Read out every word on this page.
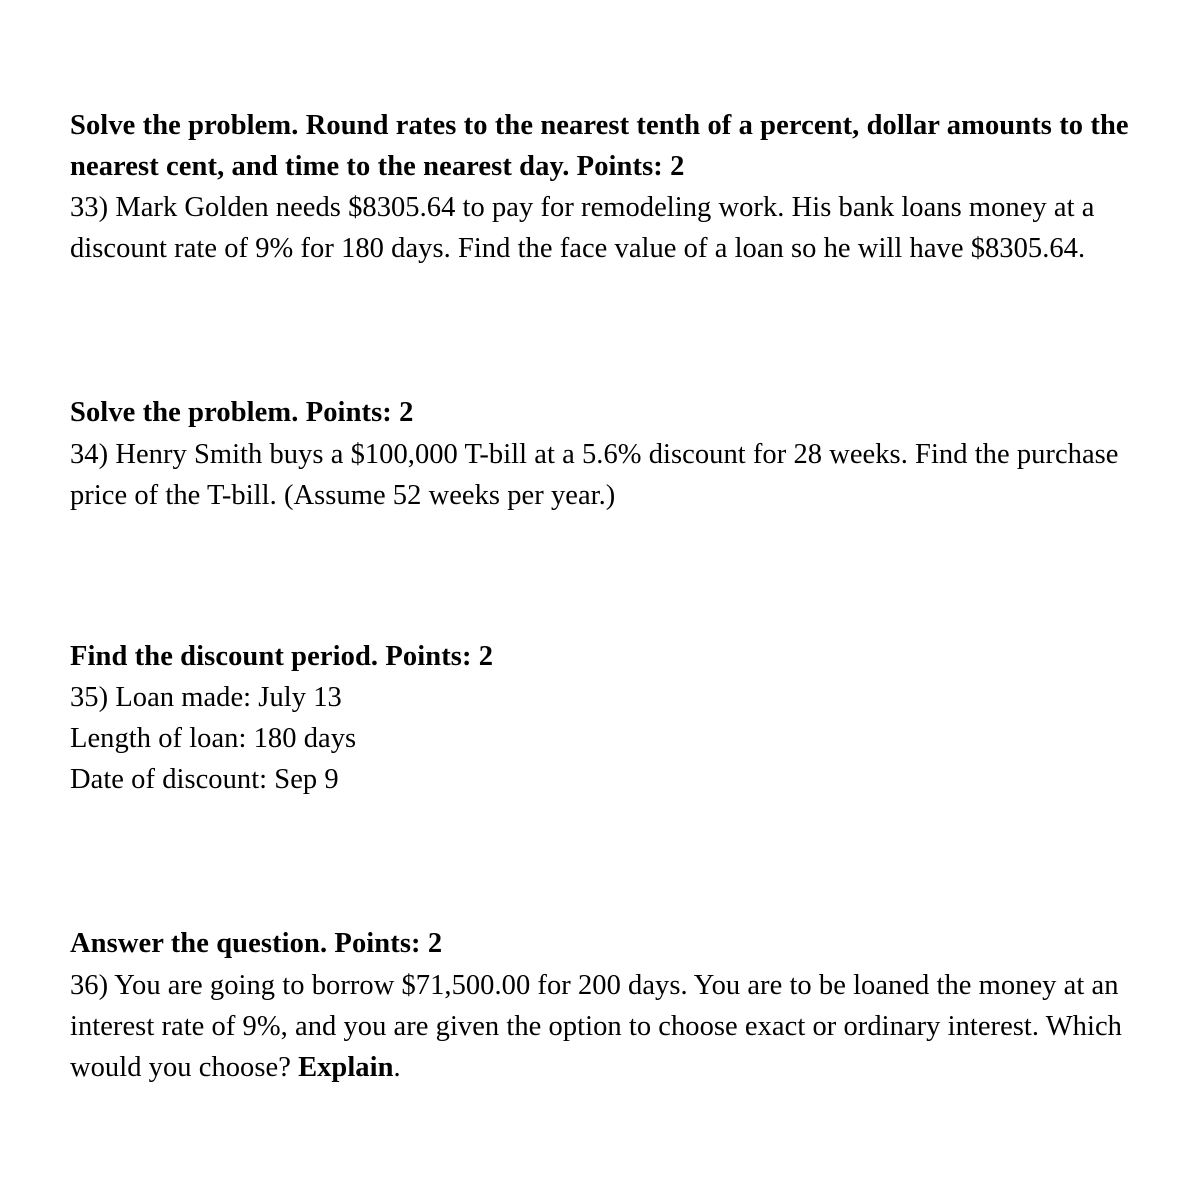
Solve the problem. Round rates to the nearest tenth of a percent, dollar amounts to the nearest cent, and time to the nearest day. Points: 2

33) Mark Golden needs $8305.64 to pay for remodeling work. His bank loans money at a discount rate of 9% for 180 days. Find the face value of a loan so he will have $8305.64.

Solve the problem. Points: 2

34) Henry Smith buys a $100,000 T-bill at a 5.6% discount for 28 weeks. Find the purchase price of the T-bill. (Assume 52 weeks per year.)

Find the discount period. Points: 2

35) Loan made: July 13

Length of loan: 180 days

Date of discount: Sep 9

Answer the question. Points: 2
36) You are going to borrow $71,500.00 for 200 days. You are to be loaned the money at an interest rate of 9%, and you are given the option to choose exact or ordinary interest. Which would you choose? Explain.
